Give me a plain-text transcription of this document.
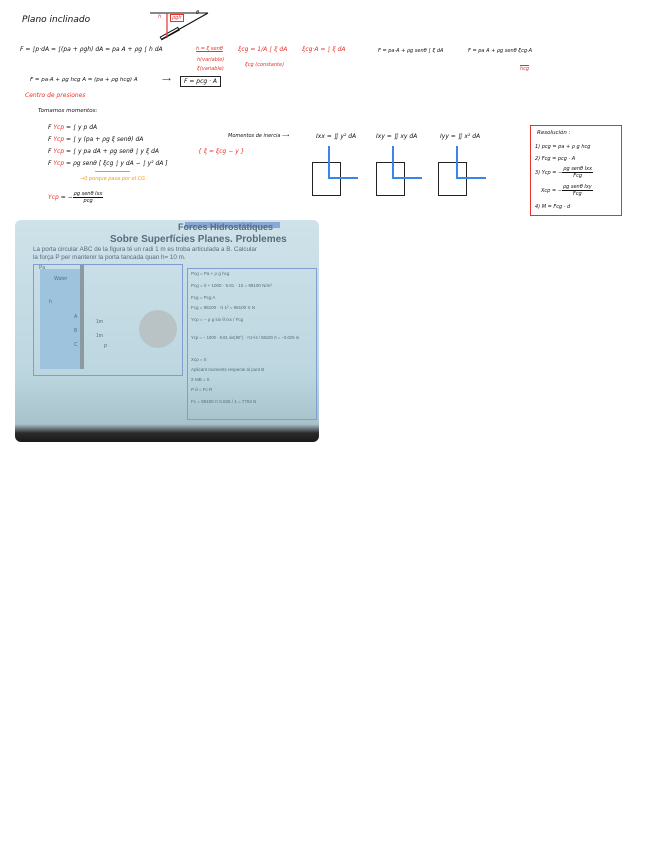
Plano inclinado	h	ρgh
θ
F = ∫p·dA = ∫(pa + ρgh) dA = pa A + ρg ∫ h dA	h = ξ senθ
h(variable)
ξ(variable)
ξcg = 1/A ∫ ξ dA
ξcg (constante)
ξcg·A = ∫ ξ dA	F = pa·A + ρg senθ ∫ ξ dA	F = pa A + ρg senθ ξcg·A
hcg
F = pa·A + ρg hcg A = (pa + ρg hcg) A	⟶	F = pcg · A
Centro de presiones
Tomamos momentos:
F Ycp = ∫ y p dA
F Ycp = ∫ y (pa + ρg ξ senθ) dA
F Ycp = ∫ y pa dA + ρg senθ ∫ y ξ dA	{ ξ = ξcg − y }
F Ycp = ρg senθ [ ξcg ∫ y dA − ∫ y² dA ]
→0 porque pasa por el CG
Ycp = − $\frac{\text{ρg senθ Ixx}}{\text{pcg}}$
Momentos de inercia ⟶	Ixx = ∬ y² dA	Ixy = ∬ xy dA	Iyy = ∬ x² dA	Resolución :
1) pcg = pa + ρ g hcg
2) Fcg = pcg · A
3) Ycp = − $\frac{\text{ρg senθ Ixx}}{\text{Fcg}}$
Xcp = − $\frac{\text{ρg senθ Ixy}}{\text{Fcg}}$
4) M = Fcg · d
Forces Hidrostàtiques
Sobre Superfícies Planes. Problemes
La porta circular ABC de la figura té un radi 1 m es troba articulada a B. Calcular
la força P per mantenir la porta tancada quan h= 10 m.
Pa
Water
h
A
B
C
1m
1m
P
Pcg = Pa + ρ g hcg
Pcg = 0 + 1000 · 9.81 · 10 = 98100 N/m²
Fcg = Pcg A
Fcg = 98100 · π 1² = 98100 π N
Ycp = − ρ g sin θ Ixx / Fcg
Ycp = − 1000 · 9.81 sin(90°) · π1⁴/4 / 98100 π = −0.025 m
Xcp = 0
Aplicant moments respecte al punt B
Σ MB = 0
P d = Fc R
Fc = 98100 π 0.025 / 1 = 7704 N
